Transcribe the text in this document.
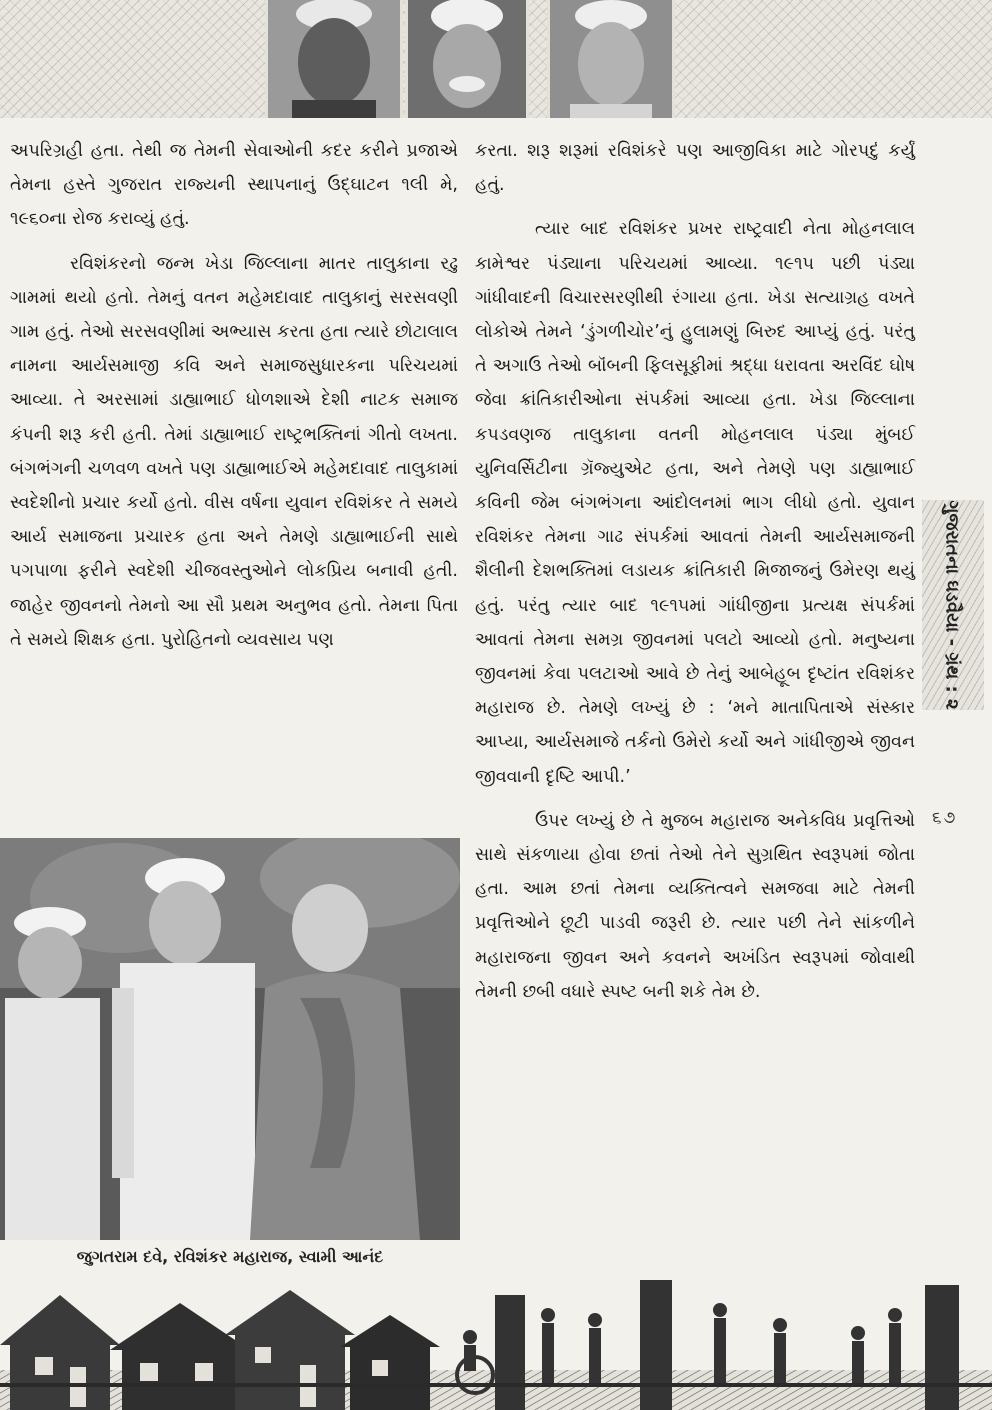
અપરિગ્રહી હતા. તેથી જ તેમની સેવાઓની કદર કરીને પ્રજાએ તેમના હસ્તે ગુજરાત રાજ્યની સ્થાપનાનું ઉદ્‌ઘાટન ૧લી મે, ૧૯૬૦ના રોજ કરાવ્યું હતું.

રવિશંકરનો જન્મ ખેડા જિલ્લાના માતર તાલુકાના રઢુ ગામમાં થયો હતો. તેમનું વતન મહેમદાવાદ તાલુકાનું સરસવણી ગામ હતું. તેઓ સરસવણીમાં અભ્યાસ કરતા હતા ત્યારે છોટાલાલ નામના આર્યસમાજી કવિ અને સમાજસુધારકના પરિચયમાં આવ્યા. તે અરસામાં ડાહ્યાભાઈ ધોળશાએ દેશી નાટક સમાજ કંપની શરૂ કરી હતી. તેમાં ડાહ્યાભાઈ રાષ્ટ્રભક્તિનાં ગીતો લખતા. બંગભંગની ચળવળ વખતે પણ ડાહ્યાભાઈએ મહેમદાવાદ તાલુકામાં સ્વદેશીનો પ્રચાર કર્યો હતો. વીસ વર્ષના યુવાન રવિશંકર તે સમયે આર્ય સમાજના પ્રચારક હતા અને તેમણે ડાહ્યાભાઈની સાથે પગપાળા ફરીને સ્વદેશી ચીજવસ્તુઓને લોકપ્રિય બનાવી હતી. જાહેર જીવનનો તેમનો આ સૌ પ્રથમ અનુભવ હતો. તેમના પિતા તે સમયે શિક્ષક હતા. પુરોહિતનો વ્યવસાય પણ

કરતા. શરૂ શરૂમાં રવિશંકરે પણ આજીવિકા માટે ગોરપદું કર્યું હતું.

ત્યાર બાદ રવિશંકર પ્રખર રાષ્ટ્રવાદી નેતા મોહનલાલ કામેશ્વર પંડ્યાના પરિચયમાં આવ્યા. ૧૯૧૫ પછી પંડ્યા ગાંધીવાદની વિચારસરણીથી રંગાયા હતા. ખેડા સત્યાગ્રહ વખતે લોકોએ તેમને ‘ડુંગળીચોર’નું હુલામણું બિરુદ આપ્યું હતું. પરંતુ તે અગાઉ તેઓ બૉંબની ફિલસૂફીમાં શ્રદ્ધા ધરાવતા અરવિંદ ઘોષ જેવા ક્રાંતિકારીઓના સંપર્કમાં આવ્યા હતા. ખેડા જિલ્લાના કપડવણજ તાલુકાના વતની મોહનલાલ પંડ્યા મુંબઈ યુનિવર્સિટીના ગ્રૅજ્યુએટ હતા, અને તેમણે પણ ડાહ્યાભાઈ કવિની જેમ બંગભંગના આંદોલનમાં ભાગ લીધો હતો. યુવાન રવિશંકર તેમના ગાઢ સંપર્કમાં આવતાં તેમની આર્યસમાજની શૈલીની દેશભક્તિમાં લડાયક ક્રાંતિકારી મિજાજનું ઉમેરણ થયું હતું. પરંતુ ત્યાર બાદ ૧૯૧૫માં ગાંધીજીના પ્રત્યક્ષ સંપર્કમાં આવતાં તેમના સમગ્ર જીવનમાં પલટો આવ્યો હતો. મનુષ્યના જીવનમાં કેવા પલટાઓ આવે છે તેનું આબેહૂબ દૃષ્ટાંત રવિશંકર મહારાજ છે. તેમણે લખ્યું છે : ‘મને માતાપિતાએ સંસ્કાર આપ્યા, આર્યસમાજે તર્કનો ઉમેરો કર્યો અને ગાંધીજીએ જીવન જીવવાની દૃષ્ટિ આપી.’

ઉપર લખ્યું છે તે મુજબ મહારાજ અનેકવિધ પ્રવૃત્તિઓ સાથે સંકળાયા હોવા છતાં તેઓ તેને સુગ્રથિત સ્વરૂપમાં જોતા હતા. આમ છતાં તેમના વ્યક્તિત્વને સમજવા માટે તેમની પ્રવૃત્તિઓને છૂટી પાડવી જરૂરી છે. ત્યાર પછી તેને સાંકળીને મહારાજના જીવન અને કવનને અખંડિત સ્વરૂપમાં જોવાથી તેમની છબી વધારે સ્પષ્ટ બની શકે તેમ છે.

જુગતરામ દવે, રવિશંકર મહારાજ, સ્વામી આનંદ
ગુજરાતના ઘડવૈયા - ગ્રંથ : ૨
૬૭
